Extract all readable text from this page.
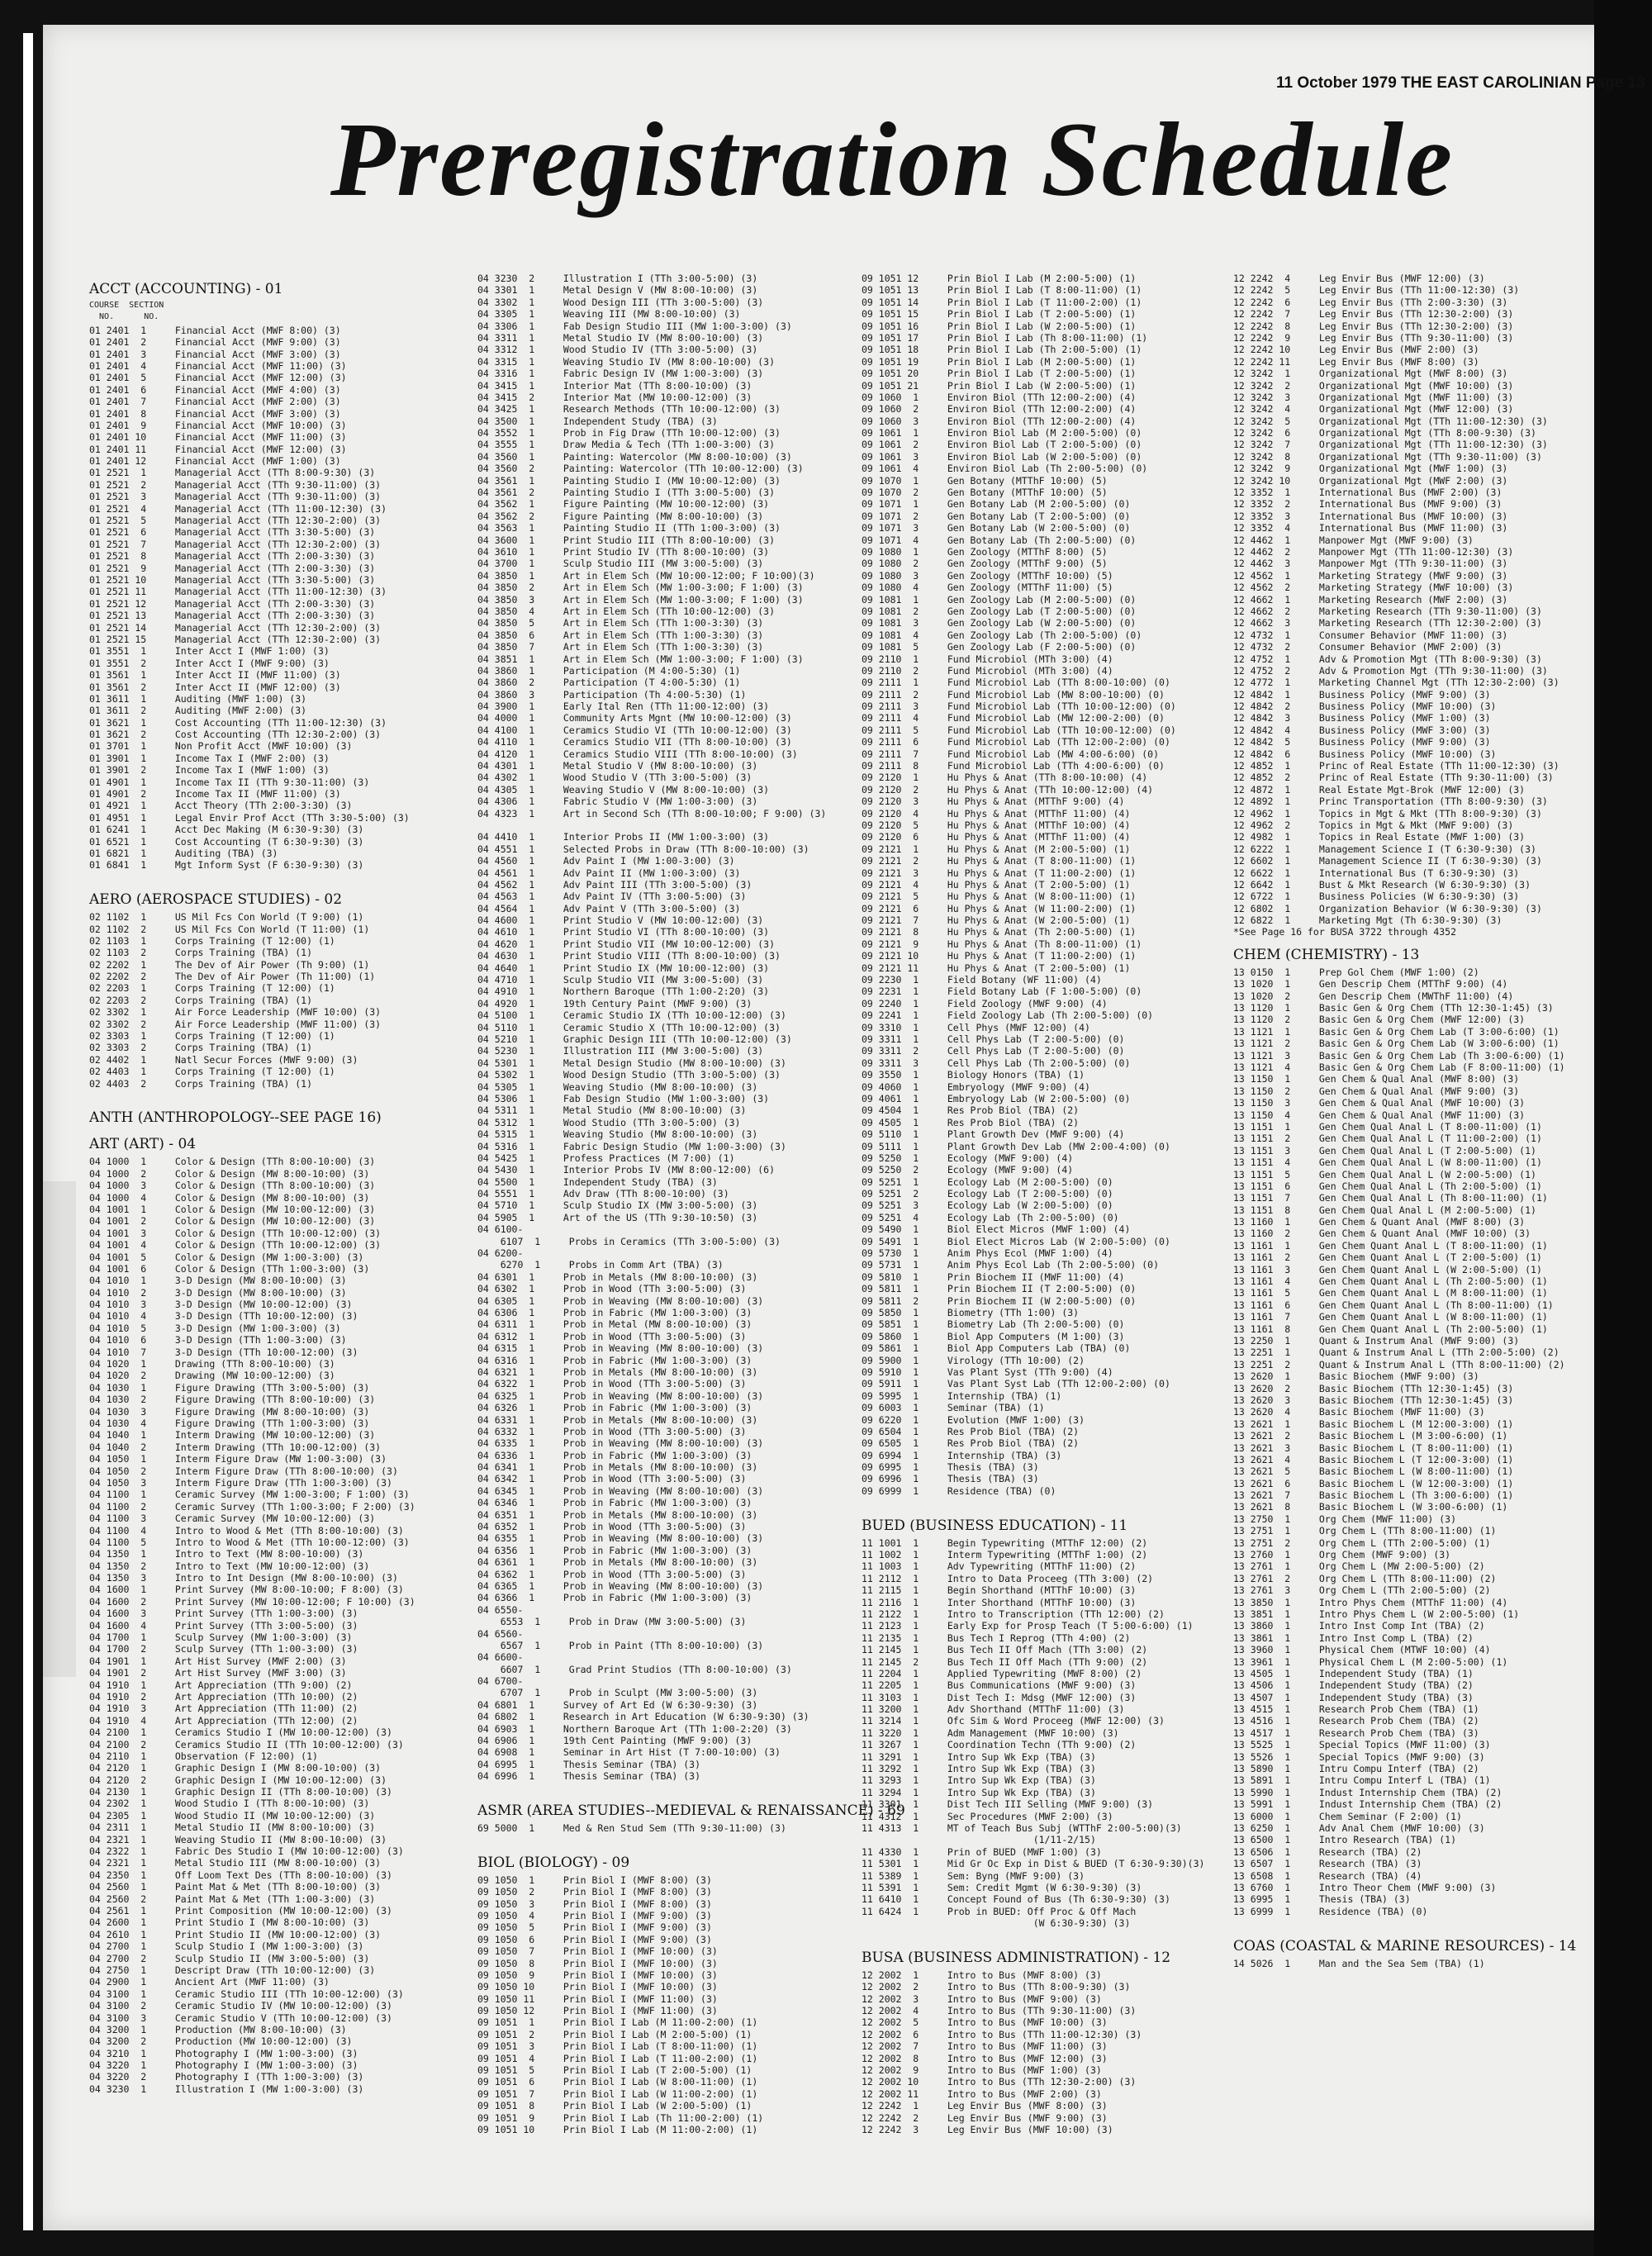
11 October 1979 THE EAST CAROLINIAN Page 13
Preregistration Schedule
ACCT (ACCOUNTING) - 01
COURSE  SECTION
NO.      NO.
01 2401  1     Financial Acct (MWF 8:00) (3)
01 2401  2     Financial Acct (MWF 9:00) (3)
01 2401  3     Financial Acct (MWF 3:00) (3)
01 2401  4     Financial Acct (MWF 11:00) (3)
01 2401  5     Financial Acct (MWF 12:00) (3)
01 2401  6     Financial Acct (MWF 4:00) (3)
01 2401  7     Financial Acct (MWF 2:00) (3)
01 2401  8     Financial Acct (MWF 3:00) (3)
01 2401  9     Financial Acct (MWF 10:00) (3)
01 2401 10     Financial Acct (MWF 11:00) (3)
01 2401 11     Financial Acct (MWF 12:00) (3)
01 2401 12     Financial Acct (MWF 1:00) (3)
01 2521  1     Managerial Acct (TTh 8:00-9:30) (3)
01 2521  2     Managerial Acct (TTh 9:30-11:00) (3)
01 2521  3     Managerial Acct (TTh 9:30-11:00) (3)
01 2521  4     Managerial Acct (TTh 11:00-12:30) (3)
01 2521  5     Managerial Acct (TTh 12:30-2:00) (3)
01 2521  6     Managerial Acct (TTh 3:30-5:00) (3)
01 2521  7     Managerial Acct (TTh 12:30-2:00) (3)
01 2521  8     Managerial Acct (TTh 2:00-3:30) (3)
01 2521  9     Managerial Acct (TTh 2:00-3:30) (3)
01 2521 10     Managerial Acct (TTh 3:30-5:00) (3)
01 2521 11     Managerial Acct (TTh 11:00-12:30) (3)
01 2521 12     Managerial Acct (TTh 2:00-3:30) (3)
01 2521 13     Managerial Acct (TTh 2:00-3:30) (3)
01 2521 14     Managerial Acct (TTh 12:30-2:00) (3)
01 2521 15     Managerial Acct (TTh 12:30-2:00) (3)
01 3551  1     Inter Acct I (MWF 1:00) (3)
01 3551  2     Inter Acct I (MWF 9:00) (3)
01 3561  1     Inter Acct II (MWF 11:00) (3)
01 3561  2     Inter Acct II (MWF 12:00) (3)
01 3611  1     Auditing (MWF 1:00) (3)
01 3611  2     Auditing (MWF 2:00) (3)
01 3621  1     Cost Accounting (TTh 11:00-12:30) (3)
01 3621  2     Cost Accounting (TTh 12:30-2:00) (3)
01 3701  1     Non Profit Acct (MWF 10:00) (3)
01 3901  1     Income Tax I (MWF 2:00) (3)
01 3901  2     Income Tax I (MWF 1:00) (3)
01 4901  1     Income Tax II (TTh 9:30-11:00) (3)
01 4901  2     Income Tax II (MWF 11:00) (3)
01 4921  1     Acct Theory (TTh 2:00-3:30) (3)
01 4951  1     Legal Envir Prof Acct (TTh 3:30-5:00) (3)
01 6241  1     Acct Dec Making (M 6:30-9:30) (3)
01 6521  1     Cost Accounting (T 6:30-9:30) (3)
01 6821  1     Auditing (TBA) (3)
01 6841  1     Mgt Inform Syst (F 6:30-9:30) (3)
AERO (AEROSPACE STUDIES) - 02
02 1102  1     US Mil Fcs Con World (T 9:00) (1)
02 1102  2     US Mil Fcs Con World (T 11:00) (1)
02 1103  1     Corps Training (T 12:00) (1)
02 1103  2     Corps Training (TBA) (1)
02 2202  1     The Dev of Air Power (Th 9:00) (1)
02 2202  2     The Dev of Air Power (Th 11:00) (1)
02 2203  1     Corps Training (T 12:00) (1)
02 2203  2     Corps Training (TBA) (1)
02 3302  1     Air Force Leadership (MWF 10:00) (3)
02 3302  2     Air Force Leadership (MWF 11:00) (3)
02 3303  1     Corps Training (T 12:00) (1)
02 3303  2     Corps Training (TBA) (1)
02 4402  1     Natl Secur Forces (MWF 9:00) (3)
02 4403  1     Corps Training (T 12:00) (1)
02 4403  2     Corps Training (TBA) (1)
ANTH (ANTHROPOLOGY--SEE PAGE 16)
ART (ART) - 04
04 1000  1     Color & Design (TTh 8:00-10:00) (3)
04 1000  2     Color & Design (MW 8:00-10:00) (3)
04 1000  3     Color & Design (TTh 8:00-10:00) (3)
04 1000  4     Color & Design (MW 8:00-10:00) (3)
04 1001  1     Color & Design (MW 10:00-12:00) (3)
04 1001  2     Color & Design (MW 10:00-12:00) (3)
04 1001  3     Color & Design (TTh 10:00-12:00) (3)
04 1001  4     Color & Design (TTh 10:00-12:00) (3)
04 1001  5     Color & Design (MW 1:00-3:00) (3)
04 1001  6     Color & Design (TTh 1:00-3:00) (3)
04 1010  1     3-D Design (MW 8:00-10:00) (3)
04 1010  2     3-D Design (MW 8:00-10:00) (3)
04 1010  3     3-D Design (MW 10:00-12:00) (3)
04 1010  4     3-D Design (TTh 10:00-12:00) (3)
04 1010  5     3-D Design (MW 1:00-3:00) (3)
04 1010  6     3-D Design (TTh 1:00-3:00) (3)
04 1010  7     3-D Design (TTh 10:00-12:00) (3)
04 1020  1     Drawing (TTh 8:00-10:00) (3)
04 1020  2     Drawing (MW 10:00-12:00) (3)
04 1030  1     Figure Drawing (TTh 3:00-5:00) (3)
04 1030  2     Figure Drawing (TTh 8:00-10:00) (3)
04 1030  3     Figure Drawing (MW 8:00-10:00) (3)
04 1030  4     Figure Drawing (TTh 1:00-3:00) (3)
04 1040  1     Interm Drawing (MW 10:00-12:00) (3)
04 1040  2     Interm Drawing (TTh 10:00-12:00) (3)
04 1050  1     Interm Figure Draw (MW 1:00-3:00) (3)
04 1050  2     Interm Figure Draw (TTh 8:00-10:00) (3)
04 1050  3     Interm Figure Draw (TTh 1:00-3:00) (3)
04 1100  1     Ceramic Survey (MW 1:00-3:00; F 1:00) (3)
04 1100  2     Ceramic Survey (TTh 1:00-3:00; F 2:00) (3)
04 1100  3     Ceramic Survey (MW 10:00-12:00) (3)
04 1100  4     Intro to Wood & Met (TTh 8:00-10:00) (3)
04 1100  5     Intro to Wood & Met (TTh 10:00-12:00) (3)
04 1350  1     Intro to Text (MW 8:00-10:00) (3)
04 1350  2     Intro to Text (MW 10:00-12:00) (3)
04 1350  3     Intro to Int Design (MW 8:00-10:00) (3)
04 1600  1     Print Survey (MW 8:00-10:00; F 8:00) (3)
04 1600  2     Print Survey (MW 10:00-12:00; F 10:00) (3)
04 1600  3     Print Survey (TTh 1:00-3:00) (3)
04 1600  4     Print Survey (TTh 3:00-5:00) (3)
04 1700  1     Sculp Survey (MW 1:00-3:00) (3)
04 1700  2     Sculp Survey (TTh 1:00-3:00) (3)
04 1901  1     Art Hist Survey (MWF 2:00) (3)
04 1901  2     Art Hist Survey (MWF 3:00) (3)
04 1910  1     Art Appreciation (TTh 9:00) (2)
04 1910  2     Art Appreciation (TTh 10:00) (2)
04 1910  3     Art Appreciation (TTh 11:00) (2)
04 1910  4     Art Appreciation (TTh 12:00) (2)
04 2100  1     Ceramics Studio I (MW 10:00-12:00) (3)
04 2100  2     Ceramics Studio II (TTh 10:00-12:00) (3)
04 2110  1     Observation (F 12:00) (1)
04 2120  1     Graphic Design I (MW 8:00-10:00) (3)
04 2120  2     Graphic Design I (MW 10:00-12:00) (3)
04 2130  1     Graphic Design II (TTh 8:00-10:00) (3)
04 2302  1     Wood Studio I (TTh 8:00-10:00) (3)
04 2305  1     Wood Studio II (MW 10:00-12:00) (3)
04 2311  1     Metal Studio II (MW 8:00-10:00) (3)
04 2321  1     Weaving Studio II (MW 8:00-10:00) (3)
04 2322  1     Fabric Des Studio I (MW 10:00-12:00) (3)
04 2321  1     Metal Studio III (MW 8:00-10:00) (3)
04 2350  1     Off Loom Text Des (TTh 8:00-10:00) (3)
04 2560  1     Paint Mat & Met (TTh 8:00-10:00) (3)
04 2560  2     Paint Mat & Met (TTh 1:00-3:00) (3)
04 2561  1     Print Composition (MW 10:00-12:00) (3)
04 2600  1     Print Studio I (MW 8:00-10:00) (3)
04 2610  1     Print Studio II (MW 10:00-12:00) (3)
04 2700  1     Sculp Studio I (MW 1:00-3:00) (3)
04 2700  2     Sculp Studio II (MW 3:00-5:00) (3)
04 2750  1     Descript Draw (TTh 10:00-12:00) (3)
04 2900  1     Ancient Art (MWF 11:00) (3)
04 3100  1     Ceramic Studio III (TTh 10:00-12:00) (3)
04 3100  2     Ceramic Studio IV (MW 10:00-12:00) (3)
04 3100  3     Ceramic Studio V (TTh 10:00-12:00) (3)
04 3200  1     Production (MW 8:00-10:00) (3)
04 3200  2     Production (MW 10:00-12:00) (3)
04 3210  1     Photography I (MW 1:00-3:00) (3)
04 3220  1     Photography I (MW 1:00-3:00) (3)
04 3220  2     Photography I (TTh 1:00-3:00) (3)
04 3230  1     Illustration I (MW 1:00-3:00) (3)
04 3230  2     Illustration I (TTh 3:00-5:00) (3)
04 3301  1     Metal Design V (MW 8:00-10:00) (3)
04 3302  1     Wood Design III (TTh 3:00-5:00) (3)
04 3305  1     Weaving III (MW 8:00-10:00) (3)
04 3306  1     Fab Design Studio III (MW 1:00-3:00) (3)
04 3311  1     Metal Studio IV (MW 8:00-10:00) (3)
04 3312  1     Wood Studio IV (TTh 3:00-5:00) (3)
04 3315  1     Weaving Studio IV (MW 8:00-10:00) (3)
04 3316  1     Fabric Design IV (MW 1:00-3:00) (3)
04 3415  1     Interior Mat (TTh 8:00-10:00) (3)
04 3415  2     Interior Mat (MW 10:00-12:00) (3)
04 3425  1     Research Methods (TTh 10:00-12:00) (3)
04 3500  1     Independent Study (TBA) (3)
04 3552  1     Prob in Fig Draw (TTh 10:00-12:00) (3)
04 3555  1     Draw Media & Tech (TTh 1:00-3:00) (3)
04 3560  1     Painting: Watercolor (MW 8:00-10:00) (3)
04 3560  2     Painting: Watercolor (TTh 10:00-12:00) (3)
04 3561  1     Painting Studio I (MW 10:00-12:00) (3)
04 3561  2     Painting Studio I (TTh 3:00-5:00) (3)
04 3562  1     Figure Painting (MW 10:00-12:00) (3)
04 3562  2     Figure Painting (MW 8:00-10:00) (3)
04 3563  1     Painting Studio II (TTh 1:00-3:00) (3)
04 3600  1     Print Studio III (TTh 8:00-10:00) (3)
04 3610  1     Print Studio IV (TTh 8:00-10:00) (3)
04 3700  1     Sculp Studio III (MW 3:00-5:00) (3)
04 3850  1     Art in Elem Sch (MW 10:00-12:00; F 10:00)(3)
04 3850  2     Art in Elem Sch (MW 1:00-3:00; F 1:00) (3)
04 3850  3     Art in Elem Sch (MW 1:00-3:00; F 1:00) (3)
04 3850  4     Art in Elem Sch (TTh 10:00-12:00) (3)
04 3850  5     Art in Elem Sch (TTh 1:00-3:30) (3)
04 3850  6     Art in Elem Sch (TTh 1:00-3:30) (3)
04 3850  7     Art in Elem Sch (TTh 1:00-3:30) (3)
04 3851  1     Art in Elem Sch (MW 1:00-3:00; F 1:00) (3)
04 3860  1     Participation (M 4:00-5:30) (1)
04 3860  2     Participation (T 4:00-5:30) (1)
04 3860  3     Participation (Th 4:00-5:30) (1)
04 3900  1     Early Ital Ren (TTh 11:00-12:00) (3)
04 4000  1     Community Arts Mgnt (MW 10:00-12:00) (3)
04 4100  1     Ceramics Studio VI (TTh 10:00-12:00) (3)
04 4110  1     Ceramics Studio VII (TTh 8:00-10:00) (3)
04 4120  1     Ceramics Studio VIII (TTh 8:00-10:00) (3)
04 4301  1     Metal Studio V (MW 8:00-10:00) (3)
04 4302  1     Wood Studio V (TTh 3:00-5:00) (3)
04 4305  1     Weaving Studio V (MW 8:00-10:00) (3)
04 4306  1     Fabric Studio V (MW 1:00-3:00) (3)
04 4323  1     Art in Second Sch (TTh 8:00-10:00; F 9:00) (3)
04 4410  1     Interior Probs II (MW 1:00-3:00) (3)
04 4551  1     Selected Probs in Draw (TTh 8:00-10:00) (3)
04 4560  1     Adv Paint I (MW 1:00-3:00) (3)
04 4561  1     Adv Paint II (MW 1:00-3:00) (3)
04 4562  1     Adv Paint III (TTh 3:00-5:00) (3)
04 4563  1     Adv Paint IV (TTh 3:00-5:00) (3)
04 4564  1     Adv Paint V (TTh 3:00-5:00) (3)
04 4600  1     Print Studio V (MW 10:00-12:00) (3)
04 4610  1     Print Studio VI (TTh 8:00-10:00) (3)
04 4620  1     Print Studio VII (MW 10:00-12:00) (3)
04 4630  1     Print Studio VIII (TTh 8:00-10:00) (3)
04 4640  1     Print Studio IX (MW 10:00-12:00) (3)
04 4710  1     Sculp Studio VII (MW 3:00-5:00) (3)
04 4910  1     Northern Baroque (TTh 1:00-2:20) (3)
04 4920  1     19th Century Paint (MWF 9:00) (3)
04 5100  1     Ceramic Studio IX (TTh 10:00-12:00) (3)
04 5110  1     Ceramic Studio X (TTh 10:00-12:00) (3)
04 5210  1     Graphic Design III (TTh 10:00-12:00) (3)
04 5230  1     Illustration III (MW 3:00-5:00) (3)
04 5301  1     Metal Design Studio (MW 8:00-10:00) (3)
04 5302  1     Wood Design Studio (TTh 3:00-5:00) (3)
04 5305  1     Weaving Studio (MW 8:00-10:00) (3)
04 5306  1     Fab Design Studio (MW 1:00-3:00) (3)
04 5311  1     Metal Studio (MW 8:00-10:00) (3)
04 5312  1     Wood Studio (TTh 3:00-5:00) (3)
04 5315  1     Weaving Studio (MW 8:00-10:00) (3)
04 5316  1     Fabric Design Studio (MW 1:00-3:00) (3)
04 5425  1     Profess Practices (M 7:00) (1)
04 5430  1     Interior Probs IV (MW 8:00-12:00) (6)
04 5500  1     Independent Study (TBA) (3)
04 5551  1     Adv Draw (TTh 8:00-10:00) (3)
04 5710  1     Sculp Studio IX (MW 3:00-5:00) (3)
04 5905  1     Art of the US (TTh 9:30-10:50) (3)
04 6100-
6107  1     Probs in Ceramics (TTh 3:00-5:00) (3)
04 6200-
6270  1     Probs in Comm Art (TBA) (3)
04 6301  1     Prob in Metals (MW 8:00-10:00) (3)
04 6302  1     Prob in Wood (TTh 3:00-5:00) (3)
04 6305  1     Prob in Weaving (MW 8:00-10:00) (3)
04 6306  1     Prob in Fabric (MW 1:00-3:00) (3)
04 6311  1     Prob in Metal (MW 8:00-10:00) (3)
04 6312  1     Prob in Wood (TTh 3:00-5:00) (3)
04 6315  1     Prob in Weaving (MW 8:00-10:00) (3)
04 6316  1     Prob in Fabric (MW 1:00-3:00) (3)
04 6321  1     Prob in Metals (MW 8:00-10:00) (3)
04 6322  1     Prob in Wood (TTh 3:00-5:00) (3)
04 6325  1     Prob in Weaving (MW 8:00-10:00) (3)
04 6326  1     Prob in Fabric (MW 1:00-3:00) (3)
04 6331  1     Prob in Metals (MW 8:00-10:00) (3)
04 6332  1     Prob in Wood (TTh 3:00-5:00) (3)
04 6335  1     Prob in Weaving (MW 8:00-10:00) (3)
04 6336  1     Prob in Fabric (MW 1:00-3:00) (3)
04 6341  1     Prob in Metals (MW 8:00-10:00) (3)
04 6342  1     Prob in Wood (TTh 3:00-5:00) (3)
04 6345  1     Prob in Weaving (MW 8:00-10:00) (3)
04 6346  1     Prob in Fabric (MW 1:00-3:00) (3)
04 6351  1     Prob in Metals (MW 8:00-10:00) (3)
04 6352  1     Prob in Wood (TTh 3:00-5:00) (3)
04 6355  1     Prob in Weaving (MW 8:00-10:00) (3)
04 6356  1     Prob in Fabric (MW 1:00-3:00) (3)
04 6361  1     Prob in Metals (MW 8:00-10:00) (3)
04 6362  1     Prob in Wood (TTh 3:00-5:00) (3)
04 6365  1     Prob in Weaving (MW 8:00-10:00) (3)
04 6366  1     Prob in Fabric (MW 1:00-3:00) (3)
04 6550-
6553  1     Prob in Draw (MW 3:00-5:00) (3)
04 6560-
6567  1     Prob in Paint (TTh 8:00-10:00) (3)
04 6600-
6607  1     Grad Print Studios (TTh 8:00-10:00) (3)
04 6700-
6707  1     Prob in Sculpt (MW 3:00-5:00) (3)
04 6801  1     Survey of Art Ed (W 6:30-9:30) (3)
04 6802  1     Research in Art Education (W 6:30-9:30) (3)
04 6903  1     Northern Baroque Art (TTh 1:00-2:20) (3)
04 6906  1     19th Cent Painting (MWF 9:00) (3)
04 6908  1     Seminar in Art Hist (T 7:00-10:00) (3)
04 6995  1     Thesis Seminar (TBA) (3)
04 6996  1     Thesis Seminar (TBA) (3)
ASMR (AREA STUDIES--MEDIEVAL & RENAISSANCE) - 69
69 5000  1     Med & Ren Stud Sem (TTh 9:30-11:00) (3)
BIOL (BIOLOGY) - 09
09 1050  1     Prin Biol I (MWF 8:00) (3)
09 1050  2     Prin Biol I (MWF 8:00) (3)
09 1050  3     Prin Biol I (MWF 8:00) (3)
09 1050  4     Prin Biol I (MWF 9:00) (3)
09 1050  5     Prin Biol I (MWF 9:00) (3)
09 1050  6     Prin Biol I (MWF 9:00) (3)
09 1050  7     Prin Biol I (MWF 10:00) (3)
09 1050  8     Prin Biol I (MWF 10:00) (3)
09 1050  9     Prin Biol I (MWF 10:00) (3)
09 1050 10     Prin Biol I (MWF 10:00) (3)
09 1050 11     Prin Biol I (MWF 11:00) (3)
09 1050 12     Prin Biol I (MWF 11:00) (3)
09 1051  1     Prin Biol I Lab (M 11:00-2:00) (1)
09 1051  2     Prin Biol I Lab (M 2:00-5:00) (1)
09 1051  3     Prin Biol I Lab (T 8:00-11:00) (1)
09 1051  4     Prin Biol I Lab (T 11:00-2:00) (1)
09 1051  5     Prin Biol I Lab (T 2:00-5:00) (1)
09 1051  6     Prin Biol I Lab (W 8:00-11:00) (1)
09 1051  7     Prin Biol I Lab (W 11:00-2:00) (1)
09 1051  8     Prin Biol I Lab (W 2:00-5:00) (1)
09 1051  9     Prin Biol I Lab (Th 11:00-2:00) (1)
09 1051 10     Prin Biol I Lab (M 11:00-2:00) (1)
09 1051 12     Prin Biol I Lab (M 2:00-5:00) (1)
09 1051 13     Prin Biol I Lab (T 8:00-11:00) (1)
09 1051 14     Prin Biol I Lab (T 11:00-2:00) (1)
09 1051 15     Prin Biol I Lab (T 2:00-5:00) (1)
09 1051 16     Prin Biol I Lab (W 2:00-5:00) (1)
09 1051 17     Prin Biol I Lab (Th 8:00-11:00) (1)
09 1051 18     Prin Biol I Lab (Th 2:00-5:00) (1)
09 1051 19     Prin Biol I Lab (M 2:00-5:00) (1)
09 1051 20     Prin Biol I Lab (T 2:00-5:00) (1)
09 1051 21     Prin Biol I Lab (W 2:00-5:00) (1)
09 1060  1     Environ Biol (TTh 12:00-2:00) (4)
09 1060  2     Environ Biol (TTh 12:00-2:00) (4)
09 1060  3     Environ Biol (TTh 12:00-2:00) (4)
09 1061  1     Environ Biol Lab (M 2:00-5:00) (0)
09 1061  2     Environ Biol Lab (T 2:00-5:00) (0)
09 1061  3     Environ Biol Lab (W 2:00-5:00) (0)
09 1061  4     Environ Biol Lab (Th 2:00-5:00) (0)
09 1070  1     Gen Botany (MTThF 10:00) (5)
09 1070  2     Gen Botany (MTThF 10:00) (5)
09 1071  1     Gen Botany Lab (M 2:00-5:00) (0)
09 1071  2     Gen Botany Lab (T 2:00-5:00) (0)
09 1071  3     Gen Botany Lab (W 2:00-5:00) (0)
09 1071  4     Gen Botany Lab (Th 2:00-5:00) (0)
09 1080  1     Gen Zoology (MTThF 8:00) (5)
09 1080  2     Gen Zoology (MTThF 9:00) (5)
09 1080  3     Gen Zoology (MTThF 10:00) (5)
09 1080  4     Gen Zoology (MTThF 11:00) (5)
09 1081  1     Gen Zoology Lab (M 2:00-5:00) (0)
09 1081  2     Gen Zoology Lab (T 2:00-5:00) (0)
09 1081  3     Gen Zoology Lab (W 2:00-5:00) (0)
09 1081  4     Gen Zoology Lab (Th 2:00-5:00) (0)
09 1081  5     Gen Zoology Lab (F 2:00-5:00) (0)
09 2110  1     Fund Microbiol (MTh 3:00) (4)
09 2110  2     Fund Microbiol (MTh 3:00) (4)
09 2111  1     Fund Microbiol Lab (TTh 8:00-10:00) (0)
09 2111  2     Fund Microbiol Lab (MW 8:00-10:00) (0)
09 2111  3     Fund Microbiol Lab (TTh 10:00-12:00) (0)
09 2111  4     Fund Microbiol Lab (MW 12:00-2:00) (0)
09 2111  5     Fund Microbiol Lab (TTh 10:00-12:00) (0)
09 2111  6     Fund Microbiol Lab (TTh 12:00-2:00) (0)
09 2111  7     Fund Microbiol Lab (MW 4:00-6:00) (0)
09 2111  8     Fund Microbiol Lab (TTh 4:00-6:00) (0)
09 2120  1     Hu Phys & Anat (TTh 8:00-10:00) (4)
09 2120  2     Hu Phys & Anat (TTh 10:00-12:00) (4)
09 2120  3     Hu Phys & Anat (MTThF 9:00) (4)
09 2120  4     Hu Phys & Anat (MTThF 11:00) (4)
09 2120  5     Hu Phys & Anat (MTThF 10:00) (4)
09 2120  6     Hu Phys & Anat (MTThF 11:00) (4)
09 2121  1     Hu Phys & Anat (M 2:00-5:00) (1)
09 2121  2     Hu Phys & Anat (T 8:00-11:00) (1)
09 2121  3     Hu Phys & Anat (T 11:00-2:00) (1)
09 2121  4     Hu Phys & Anat (T 2:00-5:00) (1)
09 2121  5     Hu Phys & Anat (W 8:00-11:00) (1)
09 2121  6     Hu Phys & Anat (W 11:00-2:00) (1)
09 2121  7     Hu Phys & Anat (W 2:00-5:00) (1)
09 2121  8     Hu Phys & Anat (Th 2:00-5:00) (1)
09 2121  9     Hu Phys & Anat (Th 8:00-11:00) (1)
09 2121 10     Hu Phys & Anat (T 11:00-2:00) (1)
09 2121 11     Hu Phys & Anat (T 2:00-5:00) (1)
09 2230  1     Field Botany (WF 11:00) (4)
09 2231  1     Field Botany Lab (F 1:00-5:00) (0)
09 2240  1     Field Zoology (MWF 9:00) (4)
09 2241  1     Field Zoology Lab (Th 2:00-5:00) (0)
09 3310  1     Cell Phys (MWF 12:00) (4)
09 3311  1     Cell Phys Lab (T 2:00-5:00) (0)
09 3311  2     Cell Phys Lab (T 2:00-5:00) (0)
09 3311  3     Cell Phys Lab (Th 2:00-5:00) (0)
09 3550  1     Biology Honors (TBA) (1)
09 4060  1     Embryology (MWF 9:00) (4)
09 4061  1     Embryology Lab (W 2:00-5:00) (0)
09 4504  1     Res Prob Biol (TBA) (2)
09 4505  1     Res Prob Biol (TBA) (2)
09 5110  1     Plant Growth Dev (MWF 9:00) (4)
09 5111  1     Plant Growth Dev Lab (MW 2:00-4:00) (0)
09 5250  1     Ecology (MWF 9:00) (4)
09 5250  2     Ecology (MWF 9:00) (4)
09 5251  1     Ecology Lab (M 2:00-5:00) (0)
09 5251  2     Ecology Lab (T 2:00-5:00) (0)
09 5251  3     Ecology Lab (W 2:00-5:00) (0)
09 5251  4     Ecology Lab (Th 2:00-5:00) (0)
09 5490  1     Biol Elect Micros (MWF 1:00) (4)
09 5491  1     Biol Elect Micros Lab (W 2:00-5:00) (0)
09 5730  1     Anim Phys Ecol (MWF 1:00) (4)
09 5731  1     Anim Phys Ecol Lab (Th 2:00-5:00) (0)
09 5810  1     Prin Biochem II (MWF 11:00) (4)
09 5811  1     Prin Biochem II (T 2:00-5:00) (0)
09 5811  2     Prin Biochem II (W 2:00-5:00) (0)
09 5850  1     Biometry (TTh 1:00) (3)
09 5851  1     Biometry Lab (Th 2:00-5:00) (0)
09 5860  1     Biol App Computers (M 1:00) (3)
09 5861  1     Biol App Computers Lab (TBA) (0)
09 5900  1     Virology (TTh 10:00) (2)
09 5910  1     Vas Plant Syst (TTh 9:00) (4)
09 5911  1     Vas Plant Syst Lab (TTh 12:00-2:00) (0)
09 5995  1     Internship (TBA) (1)
09 6003  1     Seminar (TBA) (1)
09 6220  1     Evolution (MWF 1:00) (3)
09 6504  1     Res Prob Biol (TBA) (2)
09 6505  1     Res Prob Biol (TBA) (2)
09 6994  1     Internship (TBA) (3)
09 6995  1     Thesis (TBA) (3)
09 6996  1     Thesis (TBA) (3)
09 6999  1     Residence (TBA) (0)
BUED (BUSINESS EDUCATION) - 11
11 1001  1     Begin Typewriting (MTThF 12:00) (2)
11 1002  1     Interm Typewriting (MTThF 1:00) (2)
11 1003  1     Adv Typewriting (MTThF 11:00) (2)
11 2112  1     Intro to Data Proceeg (TTh 3:00) (2)
11 2115  1     Begin Shorthand (MTThF 10:00) (3)
11 2116  1     Inter Shorthand (MTThF 10:00) (3)
11 2122  1     Intro to Transcription (TTh 12:00) (2)
11 2123  1     Early Exp for Prosp Teach (T 5:00-6:00) (1)
11 2135  1     Bus Tech I Reprog (TTh 4:00) (2)
11 2145  1     Bus Tech II Off Mach (TTh 3:00) (2)
11 2145  2     Bus Tech II Off Mach (TTh 9:00) (2)
11 2204  1     Applied Typewriting (MWF 8:00) (2)
11 2205  1     Bus Communications (MWF 9:00) (3)
11 3103  1     Dist Tech I: Mdsg (MWF 12:00) (3)
11 3200  1     Adv Shorthand (MTThF 11:00) (3)
11 3214  1     Ofc Sim & Word Proceeg (MWF 12:00) (3)
11 3220  1     Adm Management (MWF 10:00) (3)
11 3267  1     Coordination Techn (TTh 9:00) (2)
11 3291  1     Intro Sup Wk Exp (TBA) (3)
11 3292  1     Intro Sup Wk Exp (TBA) (3)
11 3293  1     Intro Sup Wk Exp (TBA) (3)
11 3294  1     Intro Sup Wk Exp (TBA) (3)
11 3301  1     Dist Tech III Selling (MWF 9:00) (3)
11 4312  1     Sec Procedures (MWF 2:00) (3)
11 4313  1     MT of Teach Bus Subj (WTThF 2:00-5:00)(3)
(1/11-2/15)
11 4330  1     Prin of BUED (MWF 1:00) (3)
11 5301  1     Mid Gr Oc Exp in Dist & BUED (T 6:30-9:30)(3)
11 5389  1     Sem: Byng (MWF 9:00) (3)
11 5391  1     Sem: Credit Mgmt (W 6:30-9:30) (3)
11 6410  1     Concept Found of Bus (Th 6:30-9:30) (3)
11 6424  1     Prob in BUED: Off Proc & Off Mach
(W 6:30-9:30) (3)
BUSA (BUSINESS ADMINISTRATION) - 12
12 2002  1     Intro to Bus (MWF 8:00) (3)
12 2002  2     Intro to Bus (TTh 8:00-9:30) (3)
12 2002  3     Intro to Bus (MWF 9:00) (3)
12 2002  4     Intro to Bus (TTh 9:30-11:00) (3)
12 2002  5     Intro to Bus (MWF 10:00) (3)
12 2002  6     Intro to Bus (TTh 11:00-12:30) (3)
12 2002  7     Intro to Bus (MWF 11:00) (3)
12 2002  8     Intro to Bus (MWF 12:00) (3)
12 2002  9     Intro to Bus (MWF 1:00) (3)
12 2002 10     Intro to Bus (TTh 12:30-2:00) (3)
12 2002 11     Intro to Bus (MWF 2:00) (3)
12 2242  1     Leg Envir Bus (MWF 8:00) (3)
12 2242  2     Leg Envir Bus (MWF 9:00) (3)
12 2242  3     Leg Envir Bus (MWF 10:00) (3)
12 2242  4     Leg Envir Bus (MWF 12:00) (3)
12 2242  5     Leg Envir Bus (TTh 11:00-12:30) (3)
12 2242  6     Leg Envir Bus (TTh 2:00-3:30) (3)
12 2242  7     Leg Envir Bus (TTh 12:30-2:00) (3)
12 2242  8     Leg Envir Bus (TTh 12:30-2:00) (3)
12 2242  9     Leg Envir Bus (TTh 9:30-11:00) (3)
12 2242 10     Leg Envir Bus (MWF 2:00) (3)
12 2242 11     Leg Envir Bus (MWF 8:00) (3)
12 3242  1     Organizational Mgt (MWF 8:00) (3)
12 3242  2     Organizational Mgt (MWF 10:00) (3)
12 3242  3     Organizational Mgt (MWF 11:00) (3)
12 3242  4     Organizational Mgt (MWF 12:00) (3)
12 3242  5     Organizational Mgt (TTh 11:00-12:30) (3)
12 3242  6     Organizational Mgt (TTh 8:00-9:30) (3)
12 3242  7     Organizational Mgt (TTh 11:00-12:30) (3)
12 3242  8     Organizational Mgt (TTh 9:30-11:00) (3)
12 3242  9     Organizational Mgt (MWF 1:00) (3)
12 3242 10     Organizational Mgt (MWF 2:00) (3)
12 3352  1     International Bus (MWF 2:00) (3)
12 3352  2     International Bus (MWF 9:00) (3)
12 3352  3     International Bus (MWF 10:00) (3)
12 3352  4     International Bus (MWF 11:00) (3)
12 4462  1     Manpower Mgt (MWF 9:00) (3)
12 4462  2     Manpower Mgt (TTh 11:00-12:30) (3)
12 4462  3     Manpower Mgt (TTh 9:30-11:00) (3)
12 4562  1     Marketing Strategy (MWF 9:00) (3)
12 4562  2     Marketing Strategy (MWF 10:00) (3)
12 4662  1     Marketing Research (MWF 2:00) (3)
12 4662  2     Marketing Research (TTh 9:30-11:00) (3)
12 4662  3     Marketing Research (TTh 12:30-2:00) (3)
12 4732  1     Consumer Behavior (MWF 11:00) (3)
12 4732  2     Consumer Behavior (MWF 2:00) (3)
12 4752  1     Adv & Promotion Mgt (TTh 8:00-9:30) (3)
12 4752  2     Adv & Promotion Mgt (TTh 9:30-11:00) (3)
12 4772  1     Marketing Channel Mgt (TTh 12:30-2:00) (3)
12 4842  1     Business Policy (MWF 9:00) (3)
12 4842  2     Business Policy (MWF 10:00) (3)
12 4842  3     Business Policy (MWF 1:00) (3)
12 4842  4     Business Policy (MWF 3:00) (3)
12 4842  5     Business Policy (MWF 9:00) (3)
12 4842  6     Business Policy (MWF 10:00) (3)
12 4852  1     Princ of Real Estate (TTh 11:00-12:30) (3)
12 4852  2     Princ of Real Estate (TTh 9:30-11:00) (3)
12 4872  1     Real Estate Mgt-Brok (MWF 12:00) (3)
12 4892  1     Princ Transportation (TTh 8:00-9:30) (3)
12 4962  1     Topics in Mgt & Mkt (TTh 8:00-9:30) (3)
12 4962  2     Topics in Mgt & Mkt (MWF 9:00) (3)
12 4982  1     Topics in Real Estate (MWF 1:00) (3)
12 6222  1     Management Science I (T 6:30-9:30) (3)
12 6602  1     Management Science II (T 6:30-9:30) (3)
12 6622  1     International Bus (T 6:30-9:30) (3)
12 6642  1     Bust & Mkt Research (W 6:30-9:30) (3)
12 6722  1     Business Policies (W 6:30-9:30) (3)
12 6802  1     Organization Behavior (W 6:30-9:30) (3)
12 6822  1     Marketing Mgt (Th 6:30-9:30) (3)
*See Page 16 for BUSA 3722 through 4352
CHEM (CHEMISTRY) - 13
13 0150  1     Prep Gol Chem (MWF 1:00) (2)
13 1020  1     Gen Descrip Chem (MTThF 9:00) (4)
13 1020  2     Gen Descrip Chem (MWThF 11:00) (4)
13 1120  1     Basic Gen & Org Chem (TTh 12:30-1:45) (3)
13 1120  2     Basic Gen & Org Chem (MWF 12:00) (3)
13 1121  1     Basic Gen & Org Chem Lab (T 3:00-6:00) (1)
13 1121  2     Basic Gen & Org Chem Lab (W 3:00-6:00) (1)
13 1121  3     Basic Gen & Org Chem Lab (Th 3:00-6:00) (1)
13 1121  4     Basic Gen & Org Chem Lab (F 8:00-11:00) (1)
13 1150  1     Gen Chem & Qual Anal (MWF 8:00) (3)
13 1150  2     Gen Chem & Qual Anal (MWF 9:00) (3)
13 1150  3     Gen Chem & Qual Anal (MWF 10:00) (3)
13 1150  4     Gen Chem & Qual Anal (MWF 11:00) (3)
13 1151  1     Gen Chem Qual Anal L (T 8:00-11:00) (1)
13 1151  2     Gen Chem Qual Anal L (T 11:00-2:00) (1)
13 1151  3     Gen Chem Qual Anal L (T 2:00-5:00) (1)
13 1151  4     Gen Chem Qual Anal L (W 8:00-11:00) (1)
13 1151  5     Gen Chem Qual Anal L (W 2:00-5:00) (1)
13 1151  6     Gen Chem Qual Anal L (Th 2:00-5:00) (1)
13 1151  7     Gen Chem Qual Anal L (Th 8:00-11:00) (1)
13 1151  8     Gen Chem Qual Anal L (M 2:00-5:00) (1)
13 1160  1     Gen Chem & Quant Anal (MWF 8:00) (3)
13 1160  2     Gen Chem & Quant Anal (MWF 10:00) (3)
13 1161  1     Gen Chem Quant Anal L (T 8:00-11:00) (1)
13 1161  2     Gen Chem Quant Anal L (T 2:00-5:00) (1)
13 1161  3     Gen Chem Quant Anal L (W 2:00-5:00) (1)
13 1161  4     Gen Chem Quant Anal L (Th 2:00-5:00) (1)
13 1161  5     Gen Chem Quant Anal L (M 8:00-11:00) (1)
13 1161  6     Gen Chem Quant Anal L (Th 8:00-11:00) (1)
13 1161  7     Gen Chem Quant Anal L (W 8:00-11:00) (1)
13 1161  8     Gen Chem Quant Anal L (Th 2:00-5:00) (1)
13 2250  1     Quant & Instrum Anal (MWF 9:00) (3)
13 2251  1     Quant & Instrum Anal L (TTh 2:00-5:00) (2)
13 2251  2     Quant & Instrum Anal L (TTh 8:00-11:00) (2)
13 2620  1     Basic Biochem (MWF 9:00) (3)
13 2620  2     Basic Biochem (TTh 12:30-1:45) (3)
13 2620  3     Basic Biochem (TTh 12:30-1:45) (3)
13 2620  4     Basic Biochem (MWF 11:00) (3)
13 2621  1     Basic Biochem L (M 12:00-3:00) (1)
13 2621  2     Basic Biochem L (M 3:00-6:00) (1)
13 2621  3     Basic Biochem L (T 8:00-11:00) (1)
13 2621  4     Basic Biochem L (T 12:00-3:00) (1)
13 2621  5     Basic Biochem L (W 8:00-11:00) (1)
13 2621  6     Basic Biochem L (W 12:00-3:00) (1)
13 2621  7     Basic Biochem L (Th 3:00-6:00) (1)
13 2621  8     Basic Biochem L (W 3:00-6:00) (1)
13 2750  1     Org Chem (MWF 11:00) (3)
13 2751  1     Org Chem L (TTh 8:00-11:00) (1)
13 2751  2     Org Chem L (TTh 2:00-5:00) (1)
13 2760  1     Org Chem (MWF 9:00) (3)
13 2761  1     Org Chem L (MW 2:00-5:00) (2)
13 2761  2     Org Chem L (TTh 8:00-11:00) (2)
13 2761  3     Org Chem L (TTh 2:00-5:00) (2)
13 3850  1     Intro Phys Chem (MTThF 11:00) (4)
13 3851  1     Intro Phys Chem L (W 2:00-5:00) (1)
13 3860  1     Intro Inst Comp Int (TBA) (2)
13 3861  1     Intro Inst Comp L (TBA) (2)
13 3960  1     Physical Chem (MTWF 10:00) (4)
13 3961  1     Physical Chem L (M 2:00-5:00) (1)
13 4505  1     Independent Study (TBA) (1)
13 4506  1     Independent Study (TBA) (2)
13 4507  1     Independent Study (TBA) (3)
13 4515  1     Research Prob Chem (TBA) (1)
13 4516  1     Research Prob Chem (TBA) (2)
13 4517  1     Research Prob Chem (TBA) (3)
13 5525  1     Special Topics (MWF 11:00) (3)
13 5526  1     Special Topics (MWF 9:00) (3)
13 5890  1     Intru Compu Interf (TBA) (2)
13 5891  1     Intru Compu Interf L (TBA) (1)
13 5990  1     Indust Internship Chem (TBA) (2)
13 5991  1     Indust Internship Chem (TBA) (2)
13 6000  1     Chem Seminar (F 2:00) (1)
13 6250  1     Adv Anal Chem (MWF 10:00) (3)
13 6500  1     Intro Research (TBA) (1)
13 6506  1     Research (TBA) (2)
13 6507  1     Research (TBA) (3)
13 6508  1     Research (TBA) (4)
13 6760  1     Intro Theor Chem (MWF 9:00) (3)
13 6995  1     Thesis (TBA) (3)
13 6999  1     Residence (TBA) (0)
COAS (COASTAL & MARINE RESOURCES) - 14
14 5026  1     Man and the Sea Sem (TBA) (1)
